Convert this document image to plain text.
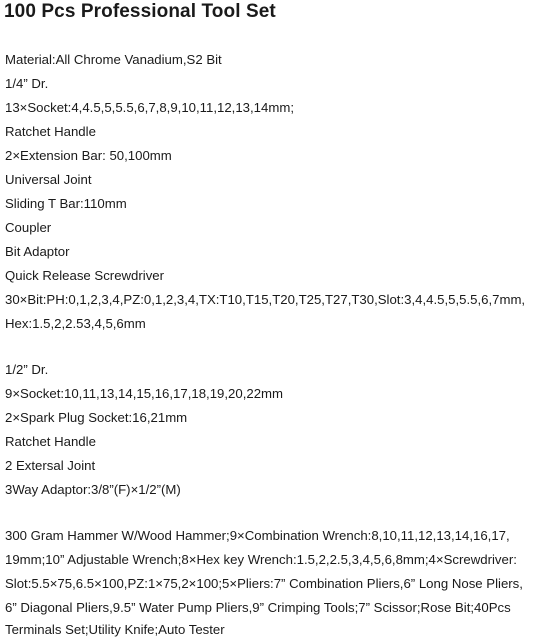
100 Pcs Professional Tool Set
Material:All Chrome Vanadium,S2 Bit
1/4” Dr.
13×Socket:4,4.5,5,5.5,6,7,8,9,10,11,12,13,14mm;
Ratchet Handle
2×Extension Bar: 50,100mm
Universal Joint
Sliding T Bar:110mm
Coupler
Bit Adaptor
Quick Release Screwdriver
30×Bit:PH:0,1,2,3,4,PZ:0,1,2,3,4,TX:T10,T15,T20,T25,T27,T30,Slot:3,4,4.5,5,5.5,6,7mm,
Hex:1.5,2,2.53,4,5,6mm
1/2” Dr.
9×Socket:10,11,13,14,15,16,17,18,19,20,22mm
2×Spark Plug Socket:16,21mm
Ratchet Handle
2 Extersal Joint
3Way Adaptor:3/8”(F)×1/2”(M)
300 Gram Hammer W/Wood Hammer;9×Combination Wrench:8,10,11,12,13,14,16,17,
19mm;10” Adjustable Wrench;8×Hex key Wrench:1.5,2,2.5,3,4,5,6,8mm;4×Screwdriver:
Slot:5.5×75,6.5×100,PZ:1×75,2×100;5×Pliers:7” Combination Pliers,6” Long Nose Pliers,
6” Diagonal Pliers,9.5” Water Pump Pliers,9” Crimping Tools;7” Scissor;Rose Bit;40Pcs
Terminals Set;Utility Knife;Auto Tester
